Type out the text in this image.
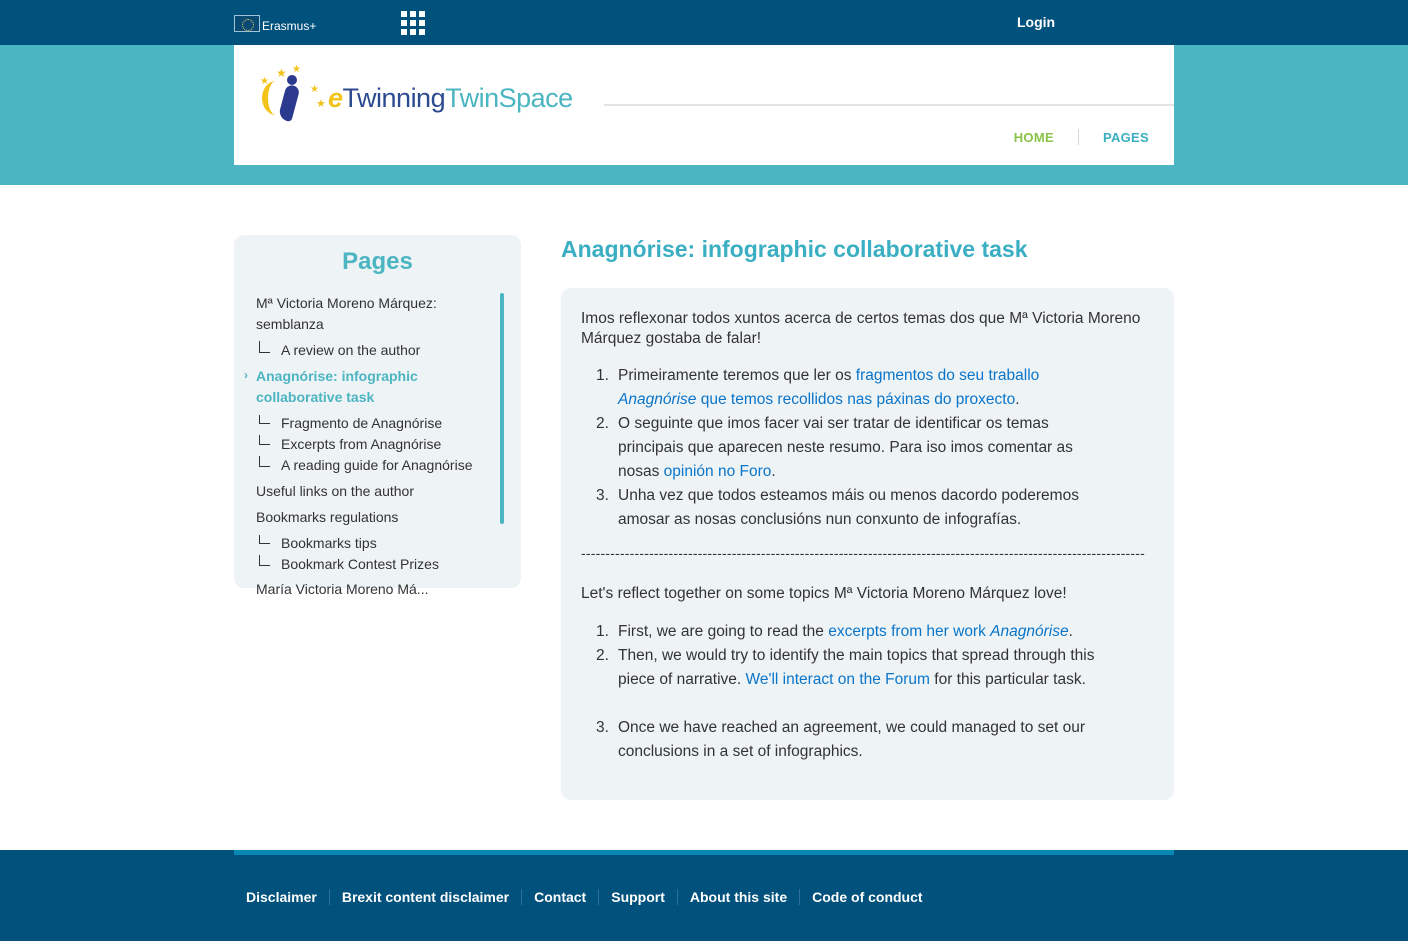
Erasmus+	Login
★ ★
★
★
★ eTwinningTwinSpace
HOME	PAGES
Pages
Mª Victoria Moreno Márquez:
semblanza
A review on the author
› Anagnórise: infographic
collaborative task
Fragmento de Anagnórise
Excerpts from Anagnórise
A reading guide for Anagnórise
Useful links on the author
Bookmarks regulations
Bookmarks tips
Bookmark Contest Prizes
María Victoria Moreno Má...
Anagnórise: infographic collaborative task

Imos reflexonar todos xuntos acerca de certos temas dos que Mª Victoria Moreno Márquez gostaba de falar!

1. Primeiramente teremos que ler os fragmentos do seu traballo Anagnórise que temos recollidos nas páxinas do proxecto.
2. O seguinte que imos facer vai ser tratar de identificar os temas principais que aparecen neste resumo. Para iso imos comentar as nosas opinión no Foro.
3. Unha vez que todos esteamos máis ou menos dacordo poderemos amosar as nosas conclusións nun conxunto de infografías.
--------------------------------------------------------------------------------------------------------------------

Let's reflect together on some topics Mª Victoria Moreno Márquez love!

1. First, we are going to read the excerpts from her work Anagnórise.
2. Then, we would try to identify the main topics that spread through this piece of narrative. We'll interact on the Forum for this particular task.
3. Once we have reached an agreement, we could managed to set our conclusions in a set of infographics.
Disclaimer Brexit content disclaimer Contact Support About this site Code of conduct
